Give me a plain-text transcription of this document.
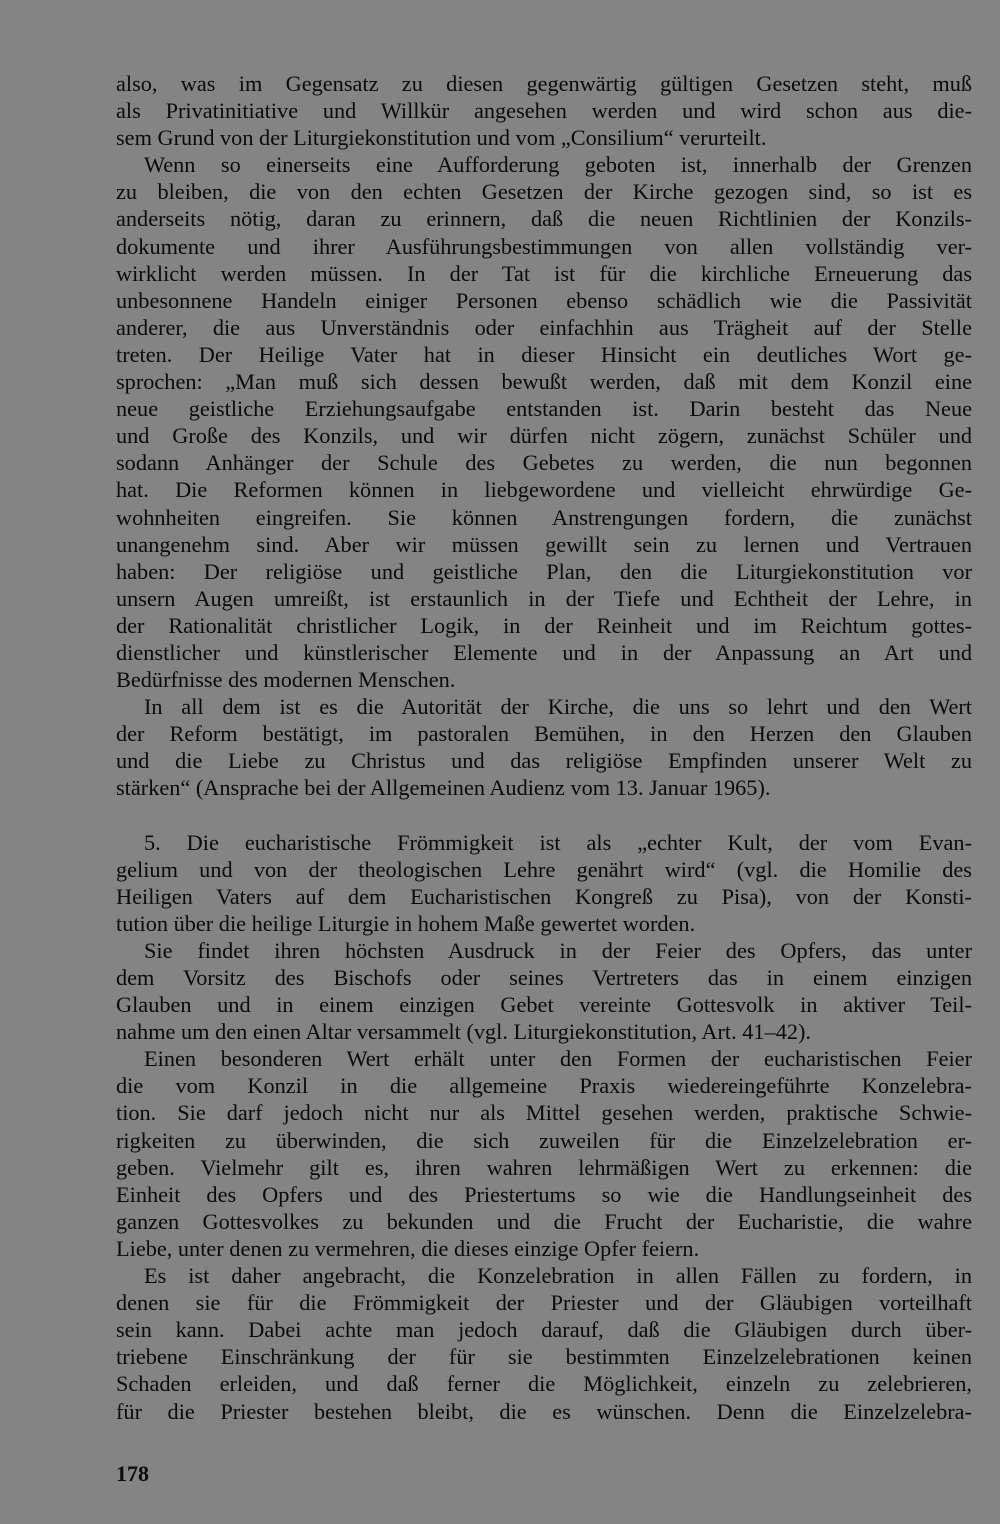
also, was im Gegensatz zu diesen gegenwärtig gültigen Gesetzen steht, muß
als Privatinitiative und Willkür angesehen werden und wird schon aus die-
sem Grund von der Liturgiekonstitution und vom „Consilium“ verurteilt.
Wenn so einerseits eine Aufforderung geboten ist, innerhalb der Grenzen
zu bleiben, die von den echten Gesetzen der Kirche gezogen sind, so ist es
anderseits nötig, daran zu erinnern, daß die neuen Richtlinien der Konzils-
dokumente und ihrer Ausführungsbestimmungen von allen vollständig ver-
wirklicht werden müssen. In der Tat ist für die kirchliche Erneuerung das
unbesonnene Handeln einiger Personen ebenso schädlich wie die Passivität
anderer, die aus Unverständnis oder einfachhin aus Trägheit auf der Stelle
treten. Der Heilige Vater hat in dieser Hinsicht ein deutliches Wort ge-
sprochen: „Man muß sich dessen bewußt werden, daß mit dem Konzil eine
neue geistliche Erziehungsaufgabe entstanden ist. Darin besteht das Neue
und Große des Konzils, und wir dürfen nicht zögern, zunächst Schüler und
sodann Anhänger der Schule des Gebetes zu werden, die nun begonnen
hat. Die Reformen können in liebgewordene und vielleicht ehrwürdige Ge-
wohnheiten eingreifen. Sie können Anstrengungen fordern, die zunächst
unangenehm sind. Aber wir müssen gewillt sein zu lernen und Vertrauen
haben: Der religiöse und geistliche Plan, den die Liturgiekonstitution vor
unsern Augen umreißt, ist erstaunlich in der Tiefe und Echtheit der Lehre, in
der Rationalität christlicher Logik, in der Reinheit und im Reichtum gottes-
dienstlicher und künstlerischer Elemente und in der Anpassung an Art und
Bedürfnisse des modernen Menschen.
In all dem ist es die Autorität der Kirche, die uns so lehrt und den Wert
der Reform bestätigt, im pastoralen Bemühen, in den Herzen den Glauben
und die Liebe zu Christus und das religiöse Empfinden unserer Welt zu
stärken“ (Ansprache bei der Allgemeinen Audienz vom 13. Januar 1965).
5. Die eucharistische Frömmigkeit ist als „echter Kult, der vom Evan-
gelium und von der theologischen Lehre genährt wird“ (vgl. die Homilie des
Heiligen Vaters auf dem Eucharistischen Kongreß zu Pisa), von der Konsti-
tution über die heilige Liturgie in hohem Maße gewertet worden.
Sie findet ihren höchsten Ausdruck in der Feier des Opfers, das unter
dem Vorsitz des Bischofs oder seines Vertreters das in einem einzigen
Glauben und in einem einzigen Gebet vereinte Gottesvolk in aktiver Teil-
nahme um den einen Altar versammelt (vgl. Liturgiekonstitution, Art. 41–42).
Einen besonderen Wert erhält unter den Formen der eucharistischen Feier
die vom Konzil in die allgemeine Praxis wiedereingeführte Konzelebra-
tion. Sie darf jedoch nicht nur als Mittel gesehen werden, praktische Schwie-
rigkeiten zu überwinden, die sich zuweilen für die Einzelzelebration er-
geben. Vielmehr gilt es, ihren wahren lehrmäßigen Wert zu erkennen: die
Einheit des Opfers und des Priestertums so wie die Handlungseinheit des
ganzen Gottesvolkes zu bekunden und die Frucht der Eucharistie, die wahre
Liebe, unter denen zu vermehren, die dieses einzige Opfer feiern.
Es ist daher angebracht, die Konzelebration in allen Fällen zu fordern, in
denen sie für die Frömmigkeit der Priester und der Gläubigen vorteilhaft
sein kann. Dabei achte man jedoch darauf, daß die Gläubigen durch über-
triebene Einschränkung der für sie bestimmten Einzelzelebrationen keinen
Schaden erleiden, und daß ferner die Möglichkeit, einzeln zu zelebrieren,
für die Priester bestehen bleibt, die es wünschen. Denn die Einzelzelebra-
178
